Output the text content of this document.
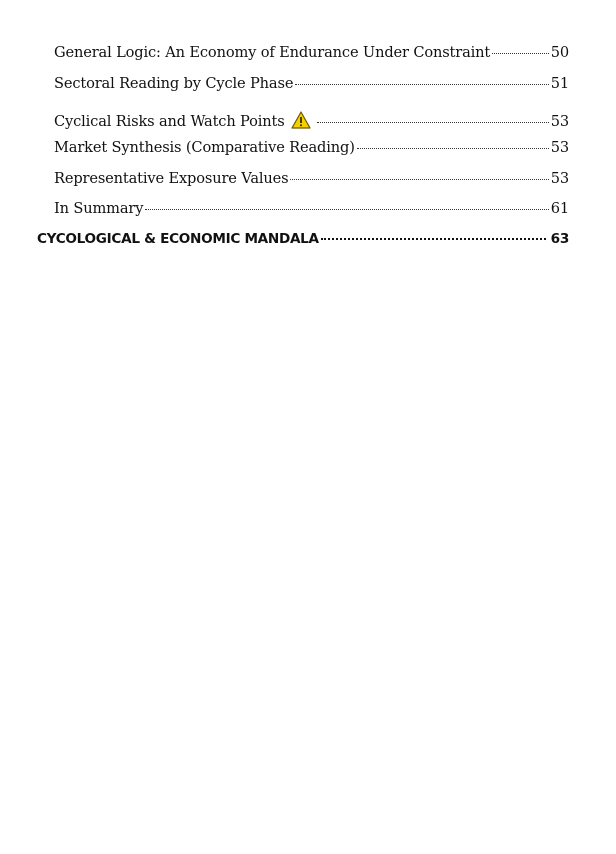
General Logic: An Economy of Endurance Under Constraint	50
Sectoral Reading by Cycle Phase	51
Cyclical Risks and Watch Points	53
Market Synthesis (Comparative Reading)	53
Representative Exposure Values	53
In Summary	61
CYCOLOGICAL & ECONOMIC MANDALA	63
